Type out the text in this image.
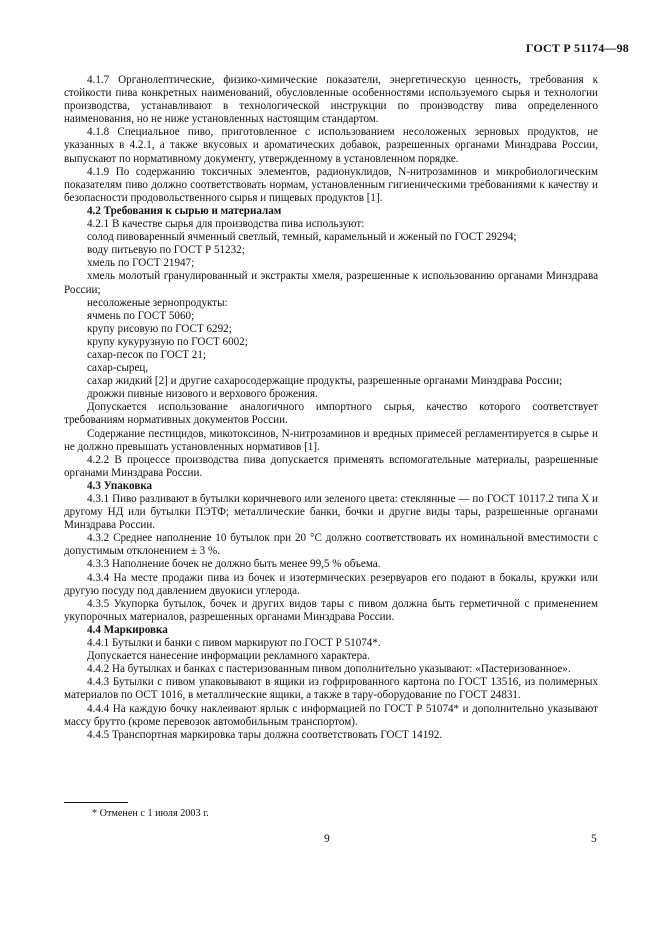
ГОСТ Р 51174—98

4.1.7 Органолептические, физико-химические показатели, энергетическую ценность, требования к стойкости пива конкретных наименований, обусловленные особенностями используемого сырья и технологии производства, устанавливают в технологической инструкции по производству пива определенного наименования, но не ниже установленных настоящим стандартом.

4.1.8 Специальное пиво, приготовленное с использованием несоложеных зерновых продуктов, не указанных в 4.2.1, а также вкусовых и ароматических добавок, разрешенных органами Минздрава России, выпускают по нормативному документу, утвержденному в установленном порядке.

4.1.9 По содержанию токсичных элементов, радионуклидов, N-нитрозаминов и микробиологическим показателям пиво должно соответствовать нормам, установленным гигиеническими требованиями к качеству и безопасности продовольственного сырья и пищевых продуктов [1].

4.2 Требования к сырью и материалам

4.2.1 В качестве сырья для производства пива используют:

солод пивоваренный ячменный светлый, темный, карамельный и жженый по ГОСТ 29294;

воду питьевую по ГОСТ Р 51232;

хмель по ГОСТ 21947;

хмель молотый гранулированный и экстракты хмеля, разрешенные к использованию органами Минздрава России;

несоложеные зернопродукты:

ячмень по ГОСТ 5060;

крупу рисовую по ГОСТ 6292;

крупу кукурузную по ГОСТ 6002;

сахар-песок по ГОСТ 21;

сахар-сырец,

сахар жидкий [2] и другие сахаросодержащие продукты, разрешенные органами Минздрава России;

дрожжи пивные низового и верхового брожения.

Допускается использование аналогичного импортного сырья, качество которого соответствует требованиям нормативных документов России.

Содержание пестицидов, микотоксинов, N-нитрозаминов и вредных примесей регламентируется в сырье и не должно превышать установленных нормативов [1].

4.2.2 В процессе производства пива допускается применять вспомогательные материалы, разрешенные органами Минздрава России.

4.3 Упаковка

4.3.1 Пиво разливают в бутылки коричневого или зеленого цвета: стеклянные — по ГОСТ 10117.2 типа Х и другому НД или бутылки ПЭТФ; металлические банки, бочки и другие виды тары, разрешенные органами Минздрава России.

4.3.2 Среднее наполнение 10 бутылок при 20 °С должно соответствовать их номинальной вместимости с допустимым отклонением ± 3 %.

4.3.3 Наполнение бочек не должно быть менее 99,5 % объема.

4.3.4 На месте продажи пива из бочек и изотермических резервуаров его подают в бокалы, кружки или другую посуду под давлением двуокиси углерода.

4.3.5 Укупорка бутылок, бочек и других видов тары с пивом должна быть герметичной с применением укупорочных материалов, разрешенных органами Минздрава России.

4.4 Маркировка

4.4.1 Бутылки и банки с пивом маркируют по ГОСТ Р 51074*.

Допускается нанесение информации рекламного характера.

4.4.2 На бутылках и банках с пастеризованным пивом дополнительно указывают: «Пастеризованное».

4.4.3 Бутылки с пивом упаковывают в ящики из гофрированного картона по ГОСТ 13516, из полимерных материалов по ОСТ 1016, в металлические ящики, а также в тару-оборудование по ГОСТ 24831.

4.4.4 На каждую бочку наклеивают ярлык с информацией по ГОСТ Р 51074* и дополнительно указывают массу брутто (кроме перевозок автомобильным транспортом).

4.4.5 Транспортная маркировка тары должна соответствовать ГОСТ 14192.

* Отменен с 1 июля 2003 г.
9	5
